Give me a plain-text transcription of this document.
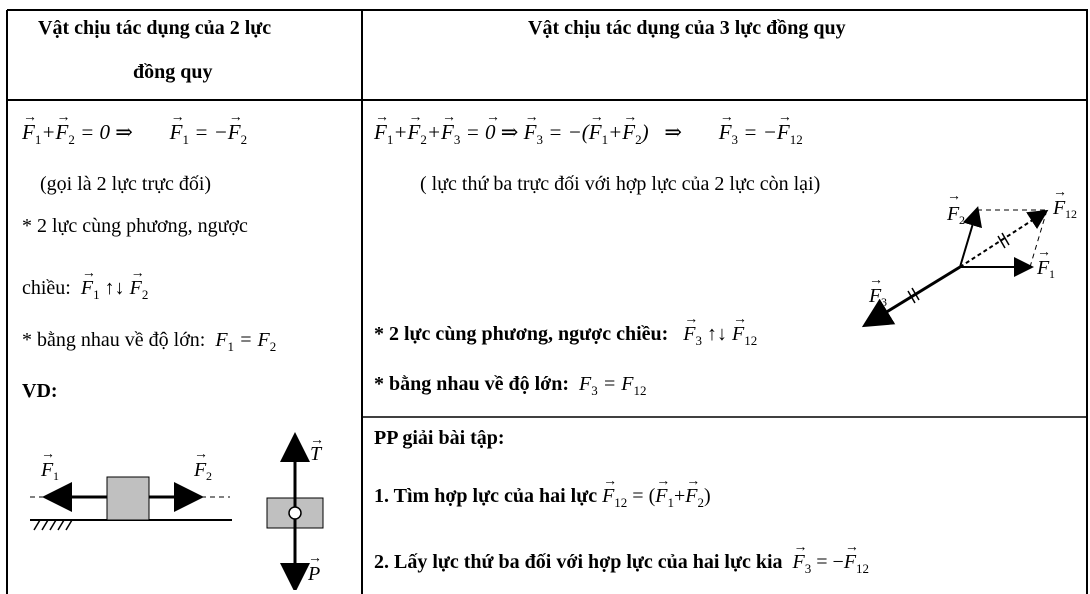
Vật chịu tác dụng của 2 lực
đồng quy
Vật chịu tác dụng của 3 lực đồng quy
→ $F_1+\to F_2 = 0$ ⇒       → $F_1$ = −→ $F_2$
(gọi là 2 lực trực đối)
* 2 lực cùng phương, ngược
chiều: → $F_1$ ↑↓ → $F_2$
* bằng nhau về độ lớn: $F_1 = F_2$
VD:
F 1
→
F 2
→	T
→
P
→
→ $F_1+\to F_2+\to F_3$ = → 0 ⇒ → $F_3$ = −(→ $F_1+\to F_2$)   ⇒       → $F_3$ = −→ $F_{12}$
( lực thứ ba trực đối với hợp lực của 2 lực còn lại)
F 2
→
F 12
→
F 1
→
F 3
→
* 2 lực cùng phương, ngược chiều: → $F_3$ ↑↓ → $F_{12}$
* bằng nhau về độ lớn: $F_3 = F_{12}$
PP giải bài tập:
1. Tìm hợp lực của hai lực → $F_{12}$ = (→ $F_1+\to F_2$)
2. Lấy lực thứ ba đối với hợp lực của hai lực kia → $F_3$ = −→ $F_{12}$
